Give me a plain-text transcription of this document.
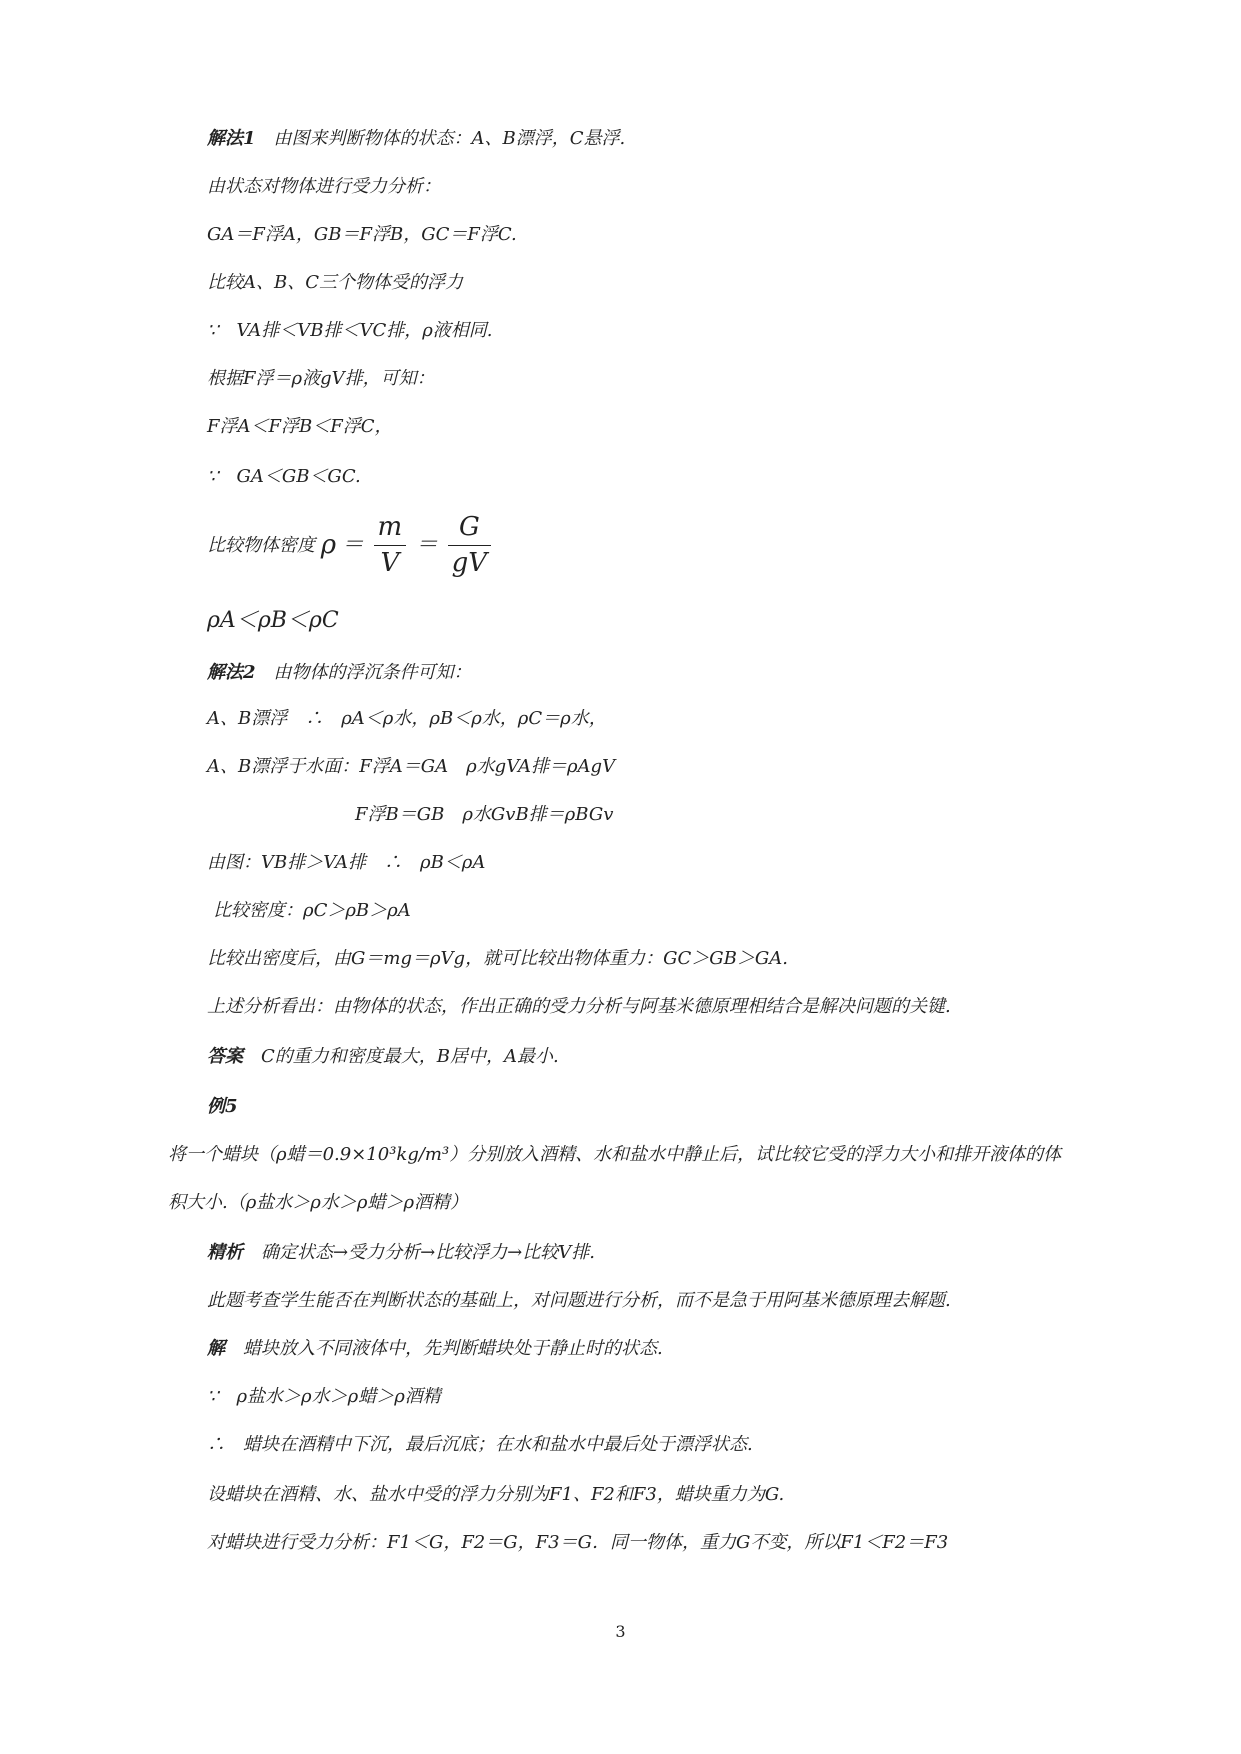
解法1　由图来判断物体的状态：A、B漂浮，C悬浮.
由状态对物体进行受力分析：
GA＝F浮A，GB＝F浮B，GC＝F浮C.
比较A、B、C三个物体受的浮力
∵　VA排＜VB排＜VC排，ρ液相同.
根据F浮＝ρ液gV排，可知：
F浮A＜F浮B＜F浮C，
∵　GA＜GB＜GC.
比较物体密度 $\rho = \frac{m}{V} = \frac{G}{gV}$
ρA＜ρB＜ρC
解法2　由物体的浮沉条件可知：
A、B漂浮　∴　ρA＜ρ水，ρB＜ρ水，ρC＝ρ水，
A、B漂浮于水面：F浮A＝GA　ρ水gVA排＝ρAgV
F浮B＝GB　ρ水GvB排＝ρBGv
由图：VB排＞VA排　∴　ρB＜ρA
比较密度：ρC＞ρB＞ρA
比较出密度后，由G＝mg＝ρVg，就可比较出物体重力：GC＞GB＞GA.
上述分析看出：由物体的状态，作出正确的受力分析与阿基米德原理相结合是解决问题的关键.
答案　C的重力和密度最大，B居中，A最小.
例5
将一个蜡块（ρ蜡＝0.9×10³kg/m³）分别放入酒精、水和盐水中静止后，试比较它受的浮力大小和排开液体的体
积大小.（ρ盐水＞ρ水＞ρ蜡＞ρ酒精）
精析　确定状态→受力分析→比较浮力→比较V排.
此题考查学生能否在判断状态的基础上，对问题进行分析，而不是急于用阿基米德原理去解题.
解　蜡块放入不同液体中，先判断蜡块处于静止时的状态.
∵　ρ盐水＞ρ水＞ρ蜡＞ρ酒精
∴　蜡块在酒精中下沉，最后沉底；在水和盐水中最后处于漂浮状态.
设蜡块在酒精、水、盐水中受的浮力分别为F1、F2和F3，蜡块重力为G.
对蜡块进行受力分析：F1＜G，F2＝G，F3＝G．同一物体，重力G不变，所以F1＜F2＝F3
3
